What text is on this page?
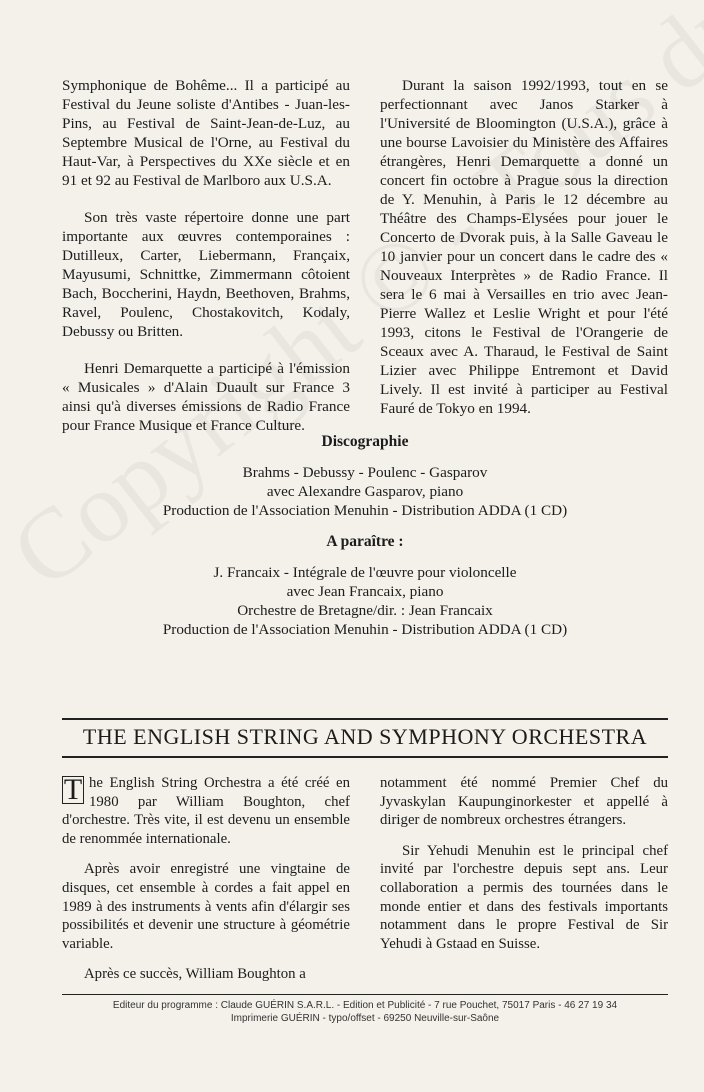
Symphonique de Bohême... Il a participé au Festival du Jeune soliste d'Antibes - Juan-les-Pins, au Festival de Saint-Jean-de-Luz, au Septembre Musical de l'Orne, au Festival du Haut-Var, à Perspectives du XXe siècle et en 91 et 92 au Festival de Marlboro aux U.S.A.

Son très vaste répertoire donne une part importante aux œuvres contemporaines : Dutilleux, Carter, Liebermann, Françaix, Mayusumi, Schnittke, Zimmermann côtoient Bach, Boccherini, Haydn, Beethoven, Brahms, Ravel, Poulenc, Chostakovitch, Kodaly, Debussy ou Britten.

Henri Demarquette a participé à l'émission « Musicales » d'Alain Duault sur France 3 ainsi qu'à diverses émissions de Radio France pour France Musique et France Culture.

Durant la saison 1992/1993, tout en se perfectionnant avec Janos Starker à l'Université de Bloomington (U.S.A.), grâce à une bourse Lavoisier du Ministère des Affaires étrangères, Henri Demarquette a donné un concert fin octobre à Prague sous la direction de Y. Menuhin, à Paris le 12 décembre au Théâtre des Champs-Elysées pour jouer le Concerto de Dvorak puis, à la Salle Gaveau le 10 janvier pour un concert dans le cadre des « Nouveaux Interprètes » de Radio France. Il sera le 6 mai à Versailles en trio avec Jean-Pierre Wallez et Leslie Wright et pour l'été 1993, citons le Festival de l'Orangerie de Sceaux avec A. Tharaud, le Festival de Saint Lizier avec Philippe Entremont et David Lively. Il est invité à participer au Festival Fauré de Tokyo en 1994.

Discographie

Brahms - Debussy - Poulenc - Gasparov

avec Alexandre Gasparov, piano

Production de l'Association Menuhin - Distribution ADDA (1 CD)

A paraître :

J. Francaix - Intégrale de l'œuvre pour violoncelle

avec Jean Francaix, piano

Orchestre de Bretagne/dir. : Jean Francaix

Production de l'Association Menuhin - Distribution ADDA (1 CD)

THE ENGLISH STRING AND SYMPHONY ORCHESTRA

T he English String Orchestra a été créé en 1980 par William Boughton, chef d'orchestre. Très vite, il est devenu un ensemble de renommée internationale.

Après avoir enregistré une vingtaine de disques, cet ensemble à cordes a fait appel en 1989 à des instruments à vents afin d'élargir ses possibilités et devenir une structure à géométrie variable.

Après ce succès, William Boughton a

notamment été nommé Premier Chef du Jyvaskylan Kaupunginorkester et appellé à diriger de nombreux orchestres étrangers.

Sir Yehudi Menuhin est le principal chef invité par l'orchestre depuis sept ans. Leur collaboration a permis des tournées dans le monde entier et dans des festivals importants notamment dans le propre Festival de Sir Yehudi à Gstaad en Suisse.

Editeur du programme : Claude GUÉRIN S.A.R.L. - Edition et Publicité - 7 rue Pouchet, 75017 Paris - 46 27 19 34
Imprimerie GUÉRIN - typo/offset - 69250 Neuville-sur-Saône
